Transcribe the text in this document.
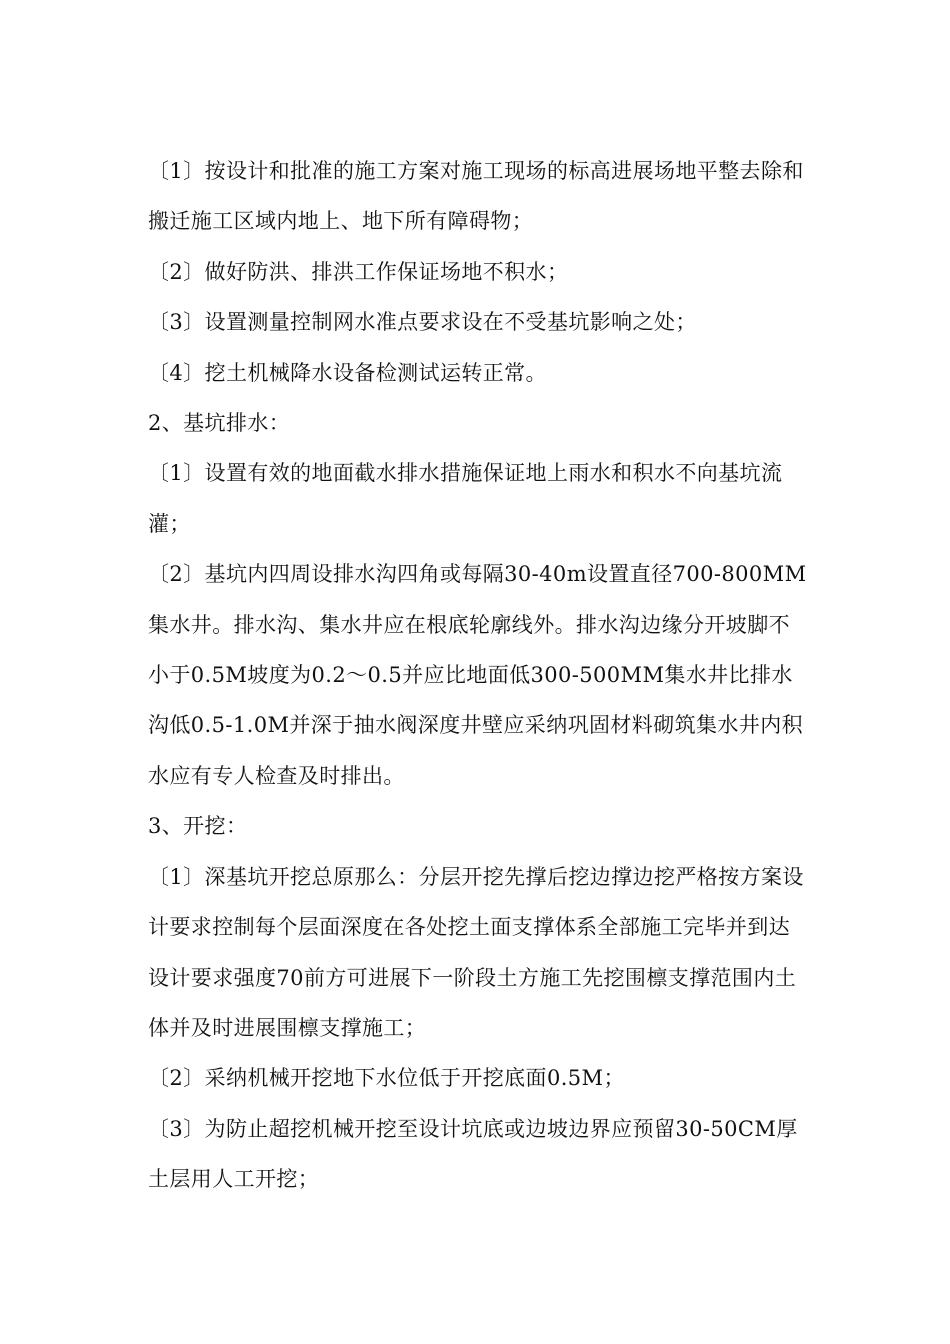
〔1〕按设计和批准的施工方案对施工现场的标高进展场地平整去除和搬迁施工区域内地上、地下所有障碍物；

〔2〕做好防洪、排洪工作保证场地不积水；

〔3〕设置测量控制网水准点要求设在不受基坑影响之处；

〔4〕挖土机械降水设备检测试运转正常。

2、基坑排水：

〔1〕设置有效的地面截水排水措施保证地上雨水和积水不向基坑流灌；

〔2〕基坑内四周设排水沟四角或每隔30-40m设置直径700-800MM集水井。排水沟、集水井应在根底轮廓线外。排水沟边缘分开坡脚不小于0.5M坡度为0.2～0.5并应比地面低300-500MM集水井比排水沟低0.5-1.0M并深于抽水阀深度井壁应采纳巩固材料砌筑集水井内积水应有专人检查及时排出。

3、开挖：

〔1〕深基坑开挖总原那么：分层开挖先撑后挖边撑边挖严格按方案设计要求控制每个层面深度在各处挖土面支撑体系全部施工完毕并到达设计要求强度70前方可进展下一阶段土方施工先挖围檩支撑范围内土体并及时进展围檩支撑施工；

〔2〕采纳机械开挖地下水位低于开挖底面0.5M；

〔3〕为防止超挖机械开挖至设计坑底或边坡边界应预留30-50CM厚土层用人工开挖；
